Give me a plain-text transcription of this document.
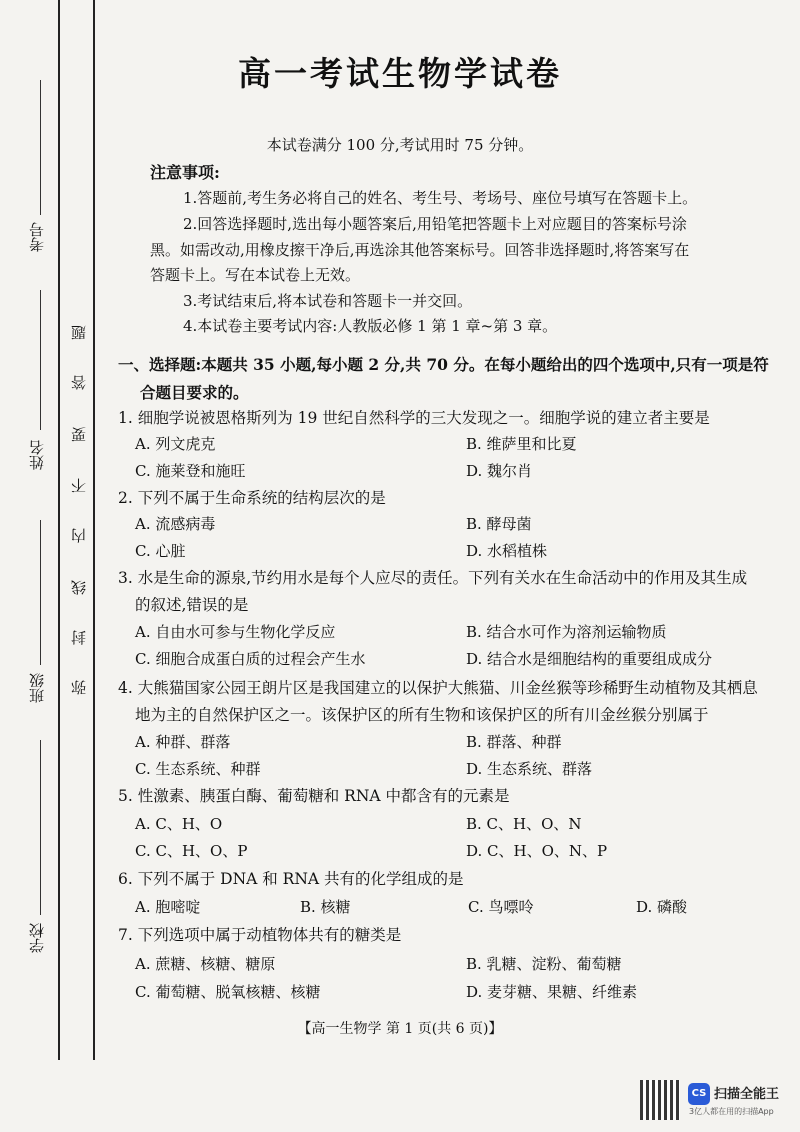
考号
姓名
班级
学校
题
答
要
不
内
线
封
弥
高一考试生物学试卷
本试卷满分 100 分,考试用时 75 分钟。
注意事项:
1.答题前,考生务必将自己的姓名、考生号、考场号、座位号填写在答题卡上。
2.回答选择题时,选出每小题答案后,用铅笔把答题卡上对应题目的答案标号涂
黑。如需改动,用橡皮擦干净后,再选涂其他答案标号。回答非选择题时,将答案写在
答题卡上。写在本试卷上无效。
3.考试结束后,将本试卷和答题卡一并交回。
4.本试卷主要考试内容:人教版必修 1 第 1 章~第 3 章。
一、选择题:本题共 35 小题,每小题 2 分,共 70 分。在每小题给出的四个选项中,只有一项是符
合题目要求的。
1. 细胞学说被恩格斯列为 19 世纪自然科学的三大发现之一。细胞学说的建立者主要是
A. 列文虎克	B. 维萨里和比夏
C. 施莱登和施旺	D. 魏尔肖
2. 下列不属于生命系统的结构层次的是
A. 流感病毒	B. 酵母菌
C. 心脏	D. 水稻植株
3. 水是生命的源泉,节约用水是每个人应尽的责任。下列有关水在生命活动中的作用及其生成
的叙述,错误的是
A. 自由水可参与生物化学反应	B. 结合水可作为溶剂运输物质
C. 细胞合成蛋白质的过程会产生水	D. 结合水是细胞结构的重要组成成分
4. 大熊猫国家公园王朗片区是我国建立的以保护大熊猫、川金丝猴等珍稀野生动植物及其栖息
地为主的自然保护区之一。该保护区的所有生物和该保护区的所有川金丝猴分别属于
A. 种群、群落	B. 群落、种群
C. 生态系统、种群	D. 生态系统、群落
5. 性激素、胰蛋白酶、葡萄糖和 RNA 中都含有的元素是
A. C、H、O	B. C、H、O、N
C. C、H、O、P	D. C、H、O、N、P
6. 下列不属于 DNA 和 RNA 共有的化学组成的是
A. 胞嘧啶	B. 核糖	C. 鸟嘌呤	D. 磷酸
7. 下列选项中属于动植物体共有的糖类是
A. 蔗糖、核糖、糖原	B. 乳糖、淀粉、葡萄糖
C. 葡萄糖、脱氧核糖、核糖	D. 麦芽糖、果糖、纤维素
【高一生物学 第 1 页(共 6 页)】
CS 扫描全能王
3亿人都在用的扫描App
